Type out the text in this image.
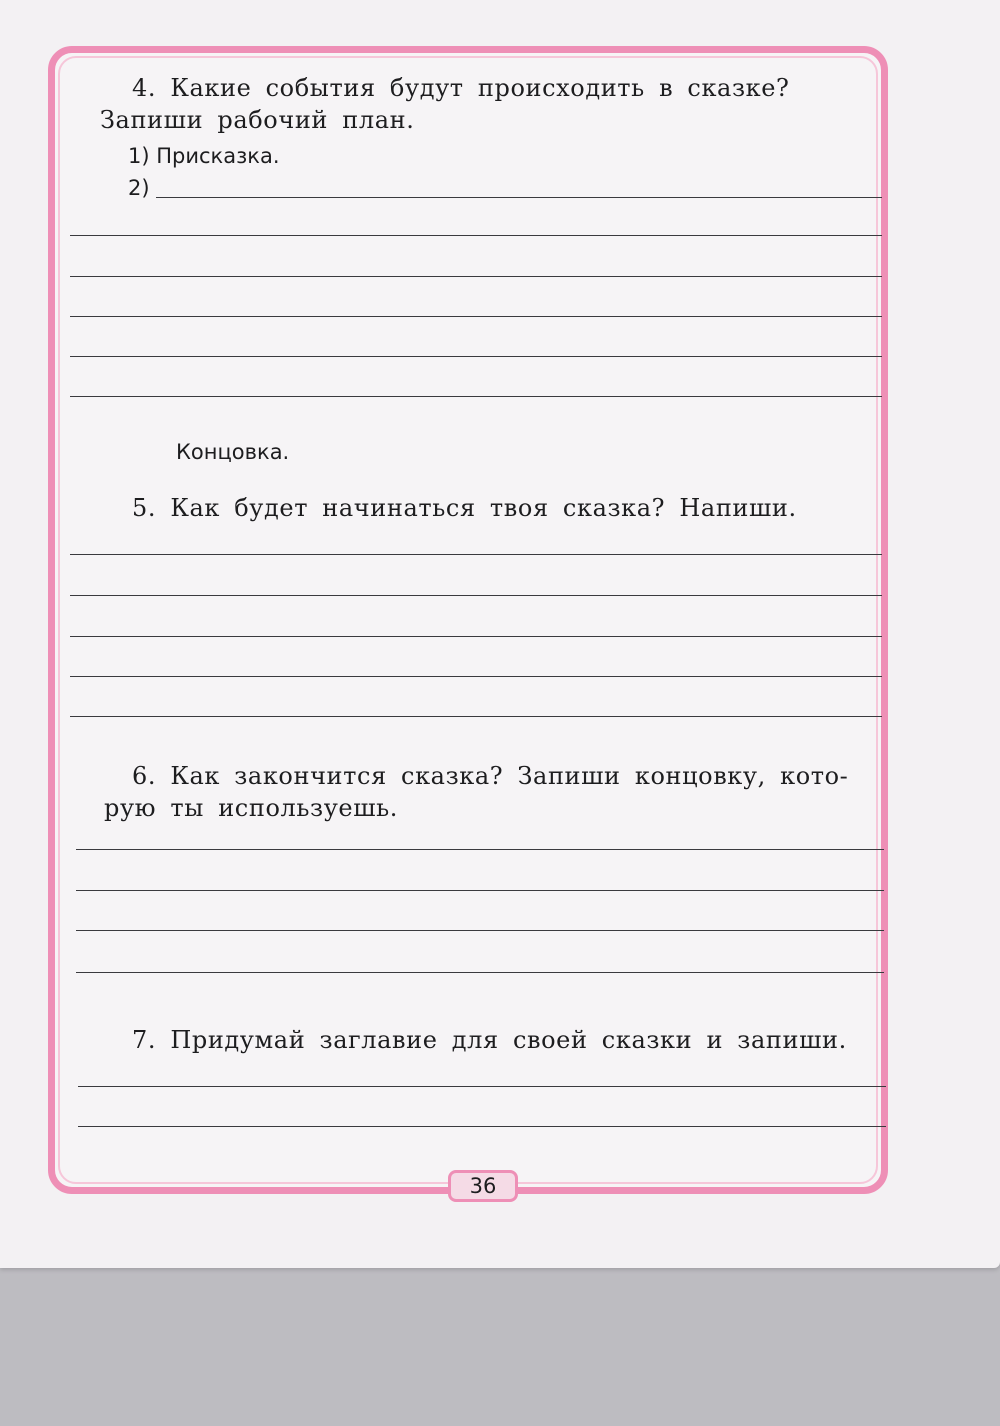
4. Какие события будут происходить в сказке?
Запиши рабочий план.
1) Присказка.
2)
Концовка.
5. Как будет начинаться твоя сказка? Напиши.
6. Как закончится сказка? Запиши концовку, кото-
рую ты используешь.
7. Придумай заглавие для своей сказки и запиши.
36
